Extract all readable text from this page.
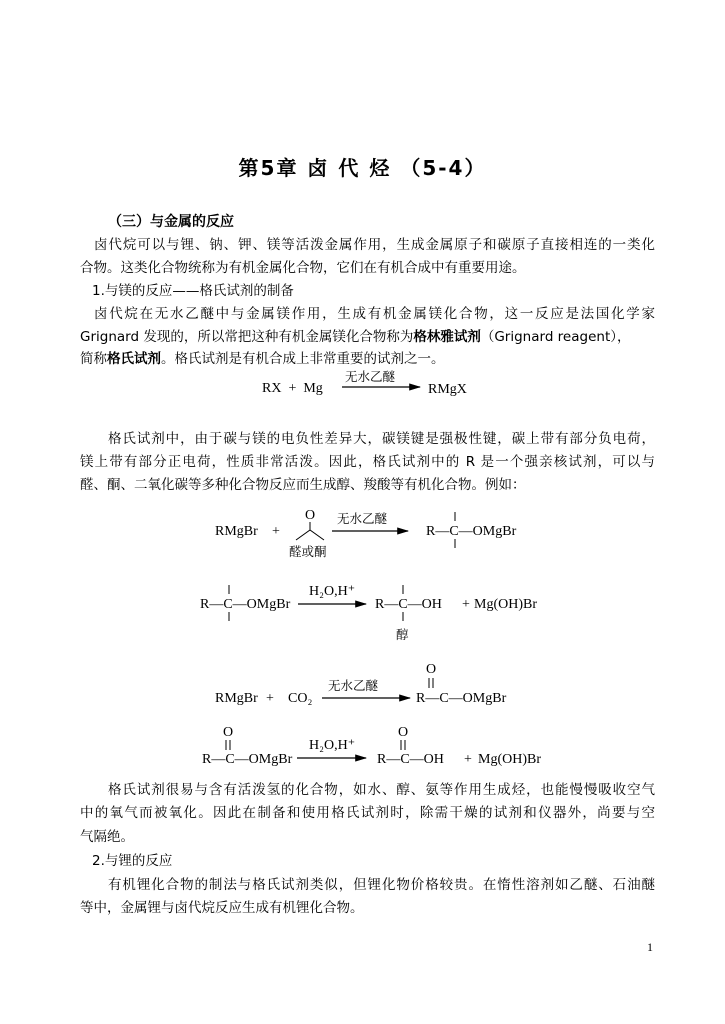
第5章 卤 代 烃 （5-4）
（三）与金属的反应
卤代烷可以与锂、钠、钾、镁等活泼金属作用，生成金属原子和碳原子直接相连的一类化
合物。这类化合物统称为有机金属化合物，它们在有机合成中有重要用途。
1.与镁的反应——格氏试剂的制备
卤代烷在无水乙醚中与金属镁作用，生成有机金属镁化合物，这一反应是法国化学家
Grignard 发现的，所以常把这种有机金属镁化合物称为格林雅试剂（Grignard reagent），
简称格氏试剂。格氏试剂是有机合成上非常重要的试剂之一。
格氏试剂中，由于碳与镁的电负性差异大，碳镁键是强极性键，碳上带有部分负电荷，
镁上带有部分正电荷，性质非常活泼。因此，格氏试剂中的 R 是一个强亲核试剂，可以与
醛、酮、二氧化碳等多种化合物反应而生成醇、羧酸等有机化合物。例如：
RX  +  Mg
无水乙醚
RMgX
RMgBr +
O
醛或酮
无水乙醚
R—C—OMgBr
R—C—OMgBr
H₂O,H⁺
R—C—OH + Mg(OH)Br
醇
RMgBr + CO₂
无水乙醚
O
R—C—OMgBr
O
R—C—OMgBr
H₂O,H⁺
O
R—C—OH + Mg(OH)Br
格氏试剂很易与含有活泼氢的化合物，如水、醇、氨等作用生成烃，也能慢慢吸收空气
中的氧气而被氧化。因此在制备和使用格氏试剂时，除需干燥的试剂和仪器外，尚要与空
气隔绝。
2.与锂的反应
有机锂化合物的制法与格氏试剂类似，但锂化物价格较贵。在惰性溶剂如乙醚、石油醚
等中，金属锂与卤代烷反应生成有机锂化合物。
1
